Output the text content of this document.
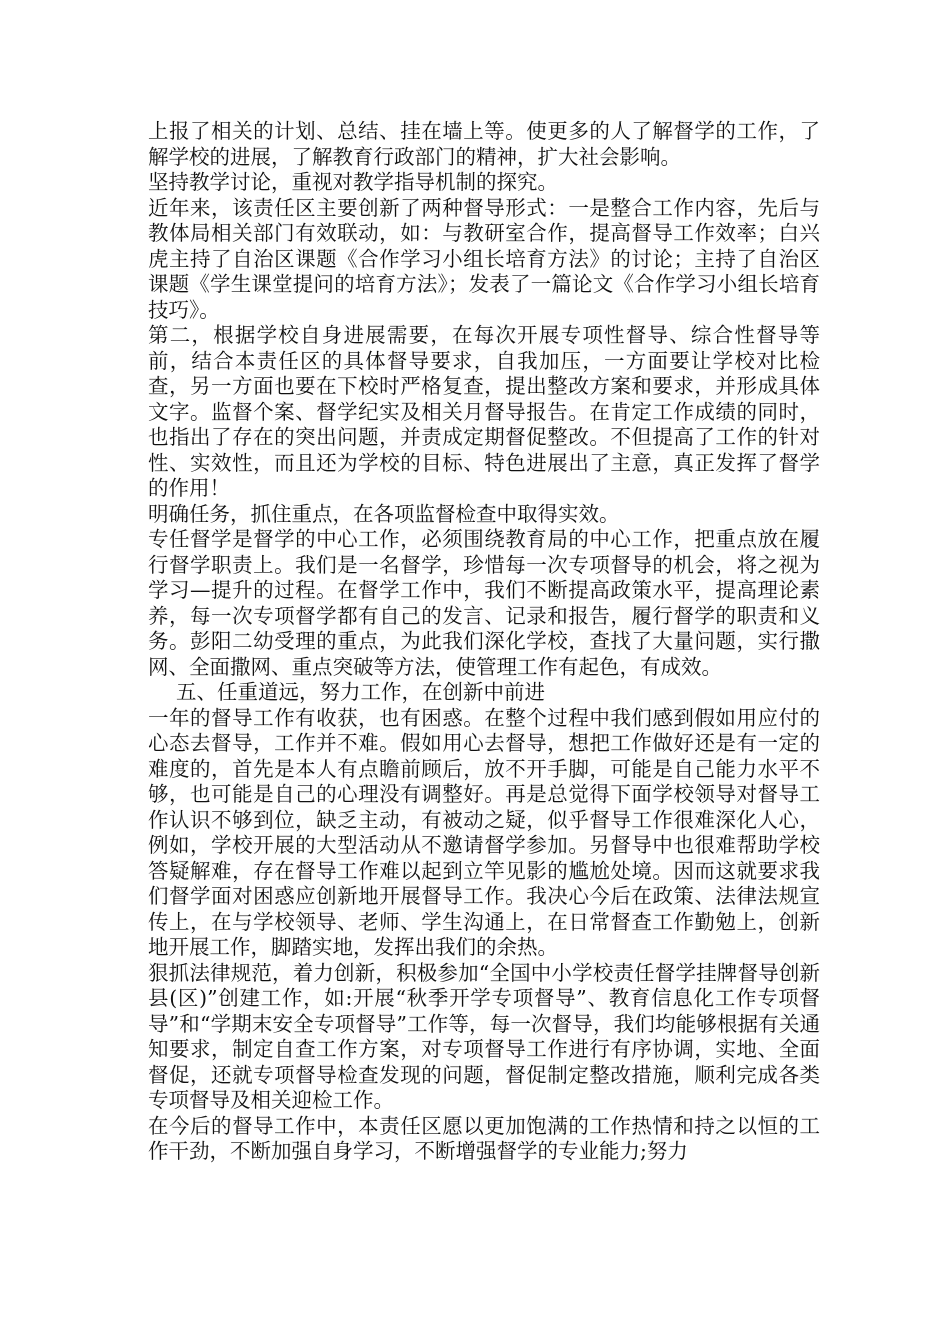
上报了相关的计划、总结、挂在墙上等。使更多的人了解督学的工作，了解学校的进展，了解教育行政部门的精神，扩大社会影响。

坚持教学讨论，重视对教学指导机制的探究。

近年来，该责任区主要创新了两种督导形式：一是整合工作内容，先后与教体局相关部门有效联动，如：与教研室合作，提高督导工作效率；白兴虎主持了自治区课题《合作学习小组长培育方法》的讨论；主持了自治区课题《学生课堂提问的培育方法》；发表了一篇论文《合作学习小组长培育技巧》。

第二，根据学校自身进展需要，在每次开展专项性督导、综合性督导等前，结合本责任区的具体督导要求，自我加压，一方面要让学校对比检查，另一方面也要在下校时严格复查，提出整改方案和要求，并形成具体文字。监督个案、督学纪实及相关月督导报告。在肯定工作成绩的同时，也指出了存在的突出问题，并责成定期督促整改。不但提高了工作的针对性、实效性，而且还为学校的目标、特色进展出了主意，真正发挥了督学的作用！

明确任务，抓住重点，在各项监督检查中取得实效。

专任督学是督学的中心工作，必须围绕教育局的中心工作，把重点放在履行督学职责上。我们是一名督学，珍惜每一次专项督导的机会，将之视为学习—提升的过程。在督学工作中，我们不断提高政策水平，提高理论素养，每一次专项督学都有自己的发言、记录和报告，履行督学的职责和义务。彭阳二幼受理的重点，为此我们深化学校，查找了大量问题，实行撒网、全面撒网、重点突破等方法，使管理工作有起色，有成效。

五、任重道远，努力工作，在创新中前进

一年的督导工作有收获，也有困惑。在整个过程中我们感到假如用应付的心态去督导，工作并不难。假如用心去督导，想把工作做好还是有一定的难度的，首先是本人有点瞻前顾后，放不开手脚，可能是自己能力水平不够，也可能是自己的心理没有调整好。再是总觉得下面学校领导对督导工作认识不够到位，缺乏主动，有被动之疑，似乎督导工作很难深化人心，例如，学校开展的大型活动从不邀请督学参加。另督导中也很难帮助学校答疑解难，存在督导工作难以起到立竿见影的尴尬处境。因而这就要求我们督学面对困惑应创新地开展督导工作。我决心今后在政策、法律法规宣传上，在与学校领导、老师、学生沟通上，在日常督查工作勤勉上，创新地开展工作，脚踏实地，发挥出我们的余热。

狠抓法律规范，着力创新，积极参加“全国中小学校责任督学挂牌督导创新县(区)”创建工作，如:开展“秋季开学专项督导”、教育信息化工作专项督导”和“学期末安全专项督导”工作等，每一次督导，我们均能够根据有关通知要求，制定自查工作方案，对专项督导工作进行有序协调，实地、全面督促，还就专项督导检查发现的问题，督促制定整改措施，顺利完成各类专项督导及相关迎检工作。

在今后的督导工作中，本责任区愿以更加饱满的工作热情和持之以恒的工作干劲，不断加强自身学习，不断增强督学的专业能力;努力
